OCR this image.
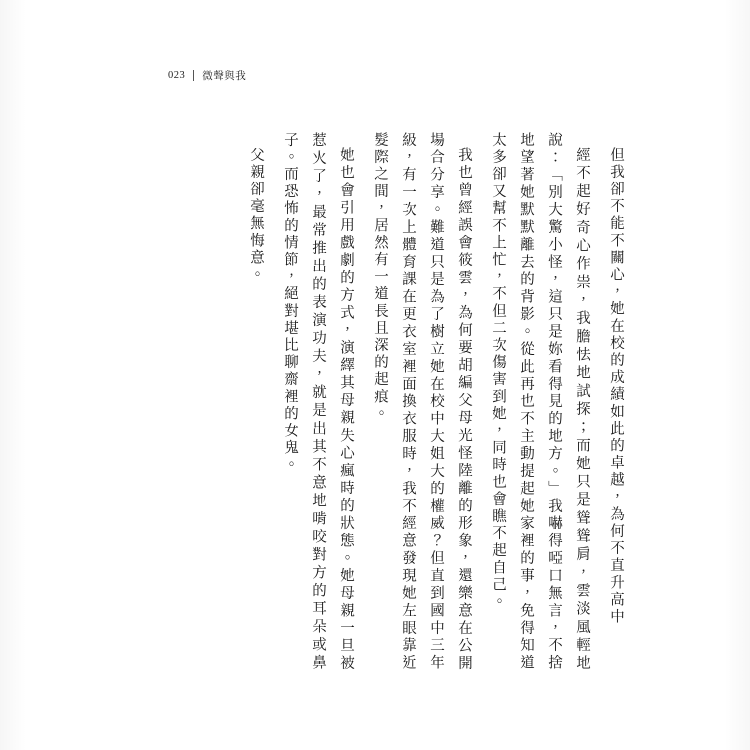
023 微聲與我
父親卻毫無悔意。	她也會引用戲劇的方式，演繹其母親失心瘋時的狀態。她母親一旦被惹火了，最常推出的表演功夫，就是出其不意地啃咬對方的耳朵或鼻子。而恐怖的情節，絕對堪比聊齋裡的女鬼。	我也曾經誤會筱雲，為何要胡編父母光怪陸離的形象，還樂意在公開場合分享。難道只是為了樹立她在校中大姐大的權威？但直到國中三年級，有一次上體育課在更衣室裡面換衣服時，我不經意發現她左眼靠近髮際之間，居然有一道長且深的起痕。	經不起好奇心作祟，我膽怯地試探；而她只是聳聳肩，雲淡風輕地說：「別大驚小怪，這只是妳看得見的地方。」我嚇得啞口無言，不捨地望著她默默離去的背影。從此再也不主動提起她家裡的事，免得知道太多卻又幫不上忙，不但二次傷害到她，同時也會瞧不起自己。	但我卻不能不關心，她在校的成績如此的卓越，為何不直升高中
